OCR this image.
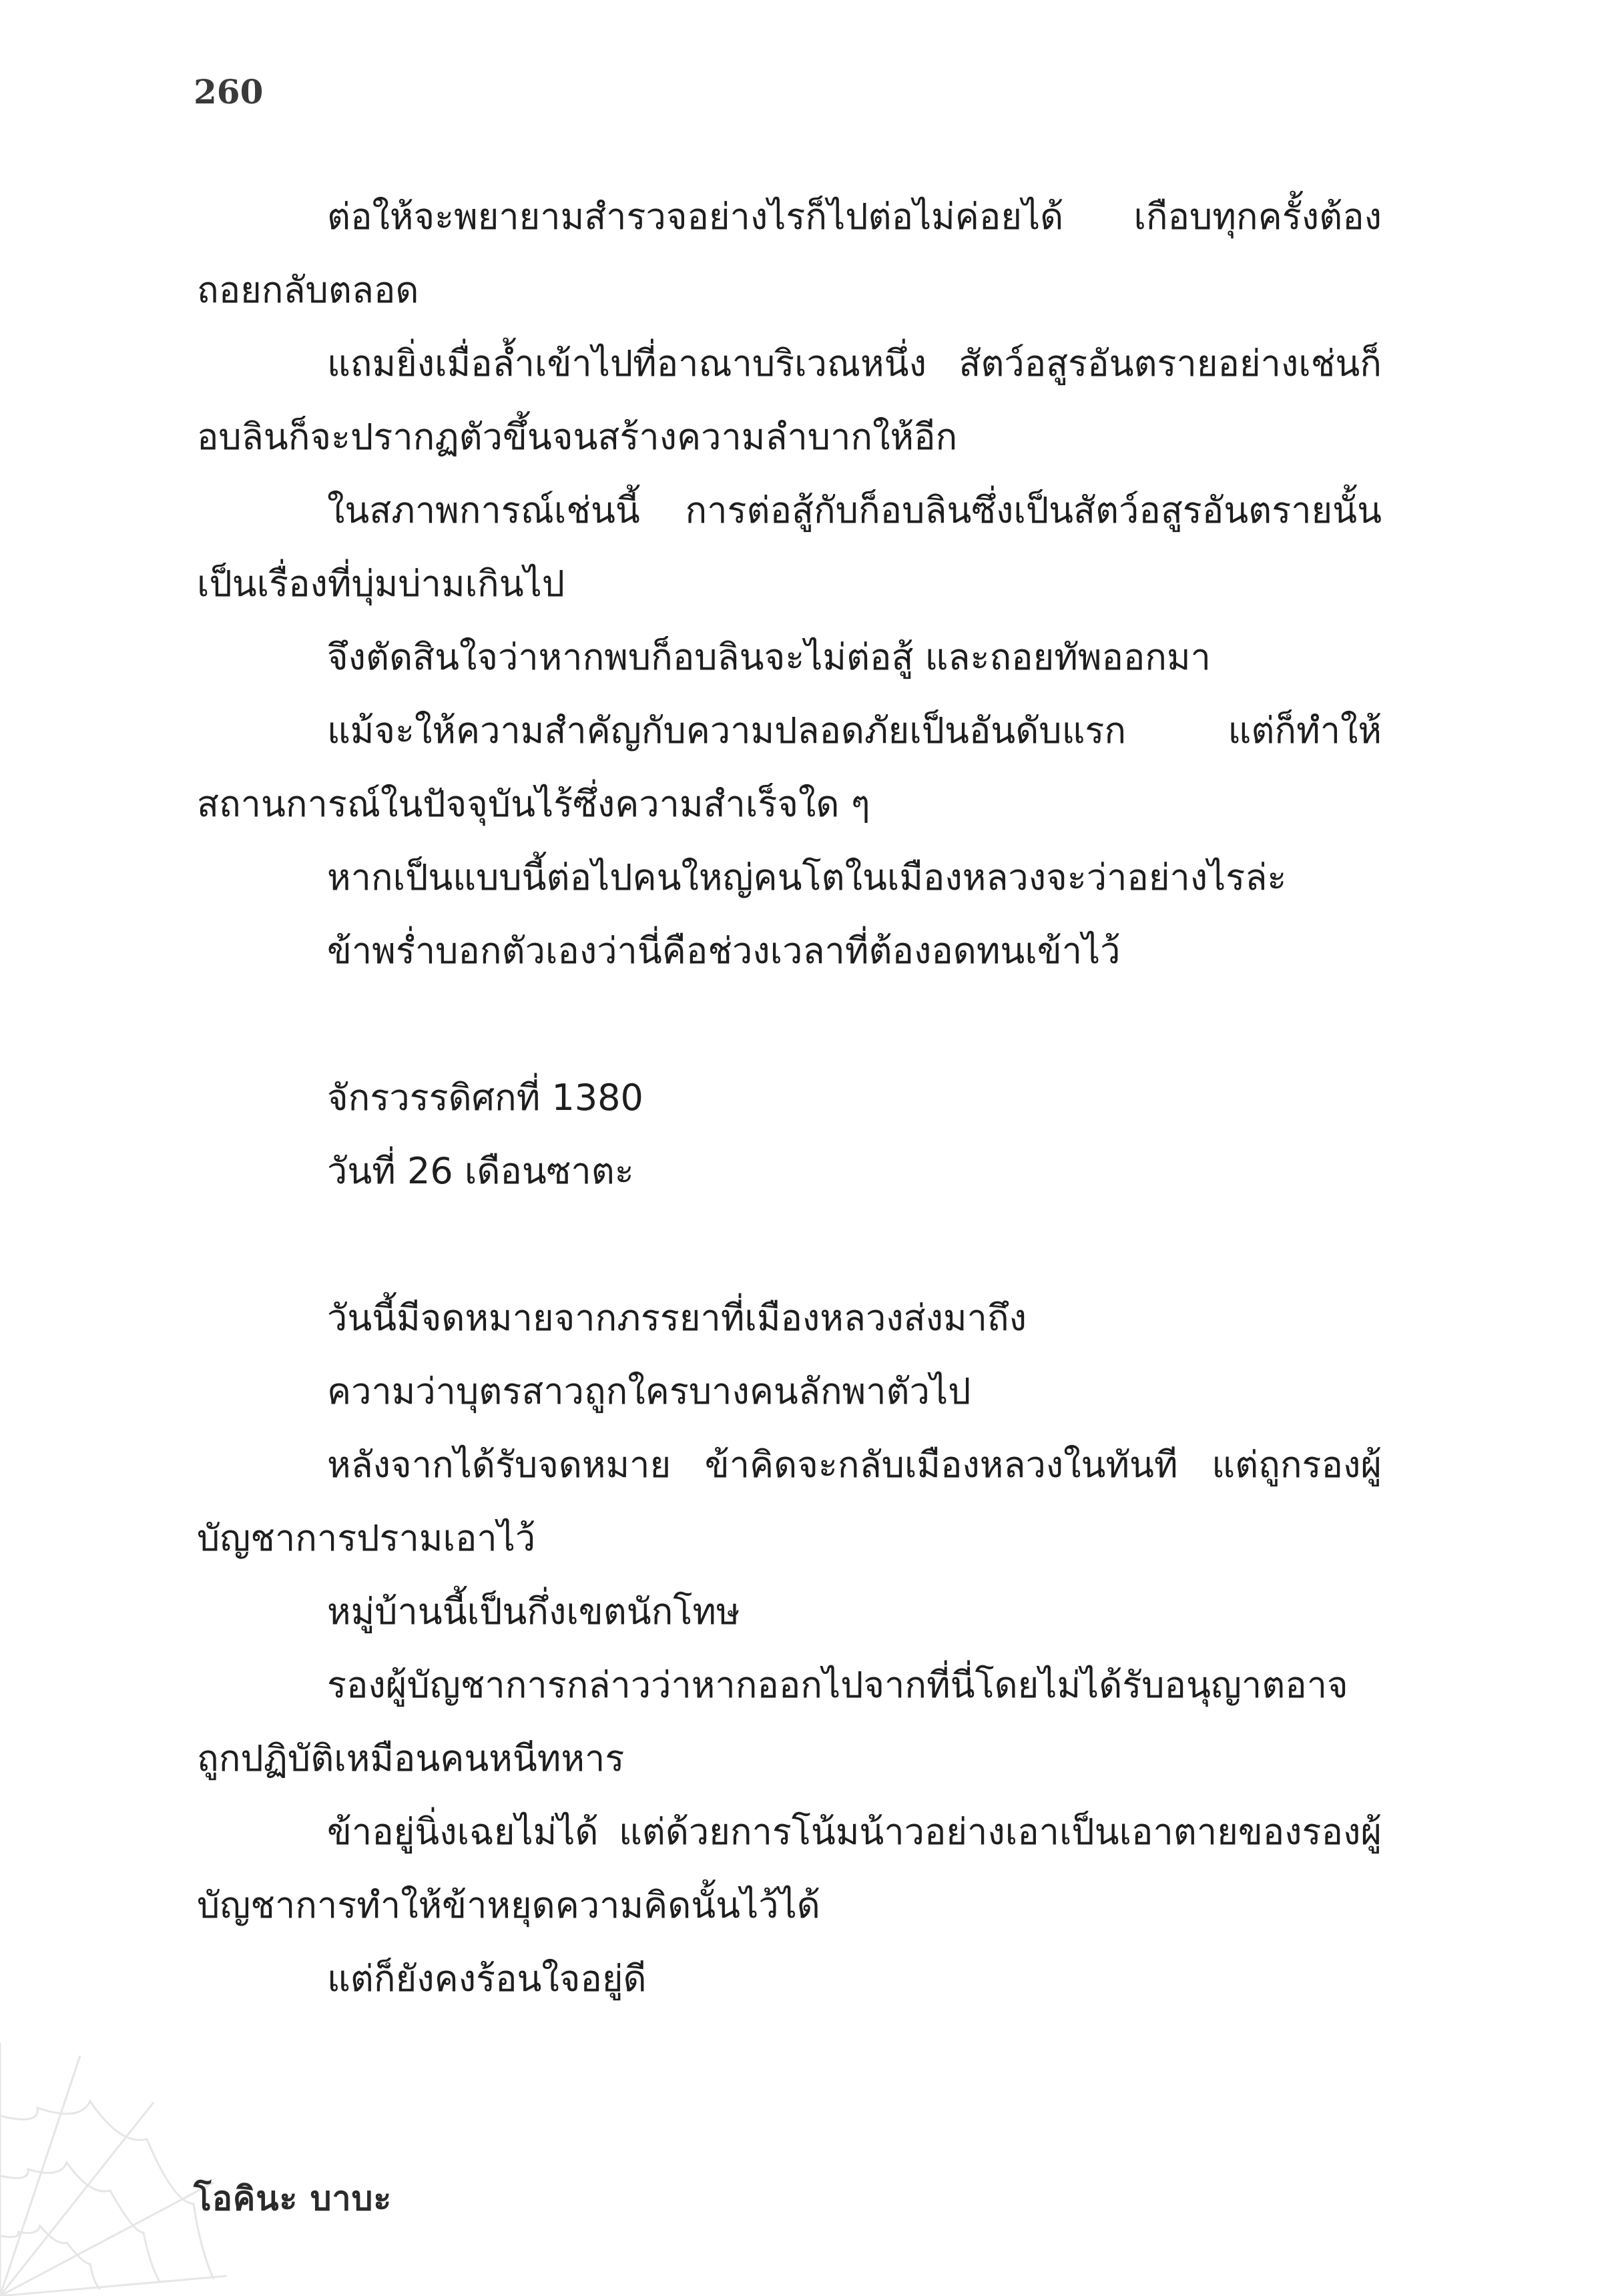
260

ต่อให้จะพยายามสำรวจอย่างไรก็ไปต่อไม่ค่อยได้ เกือบทุกครั้งต้องถอยกลับตลอด

แถมยิ่งเมื่อล้ำเข้าไปที่อาณาบริเวณหนึ่ง สัตว์อสูรอันตรายอย่างเช่นก็อบลินก็จะปรากฏตัวขึ้นจนสร้างความลำบากให้อีก

ในสภาพการณ์เช่นนี้ การต่อสู้กับก็อบลินซึ่งเป็นสัตว์อสูรอันตรายนั้นเป็นเรื่องที่บุ่มบ่ามเกินไป

จึงตัดสินใจว่าหากพบก็อบลินจะไม่ต่อสู้ และถอยทัพออกมา

แม้จะให้ความสำคัญกับความปลอดภัยเป็นอันดับแรก แต่ก็ทำให้สถานการณ์ในปัจจุบันไร้ซึ่งความสำเร็จใด ๆ

หากเป็นแบบนี้ต่อไปคนใหญ่คนโตในเมืองหลวงจะว่าอย่างไรล่ะ

ข้าพร่ำบอกตัวเองว่านี่คือช่วงเวลาที่ต้องอดทนเข้าไว้

จักรวรรดิศกที่ 1380

วันที่ 26 เดือนซาตะ

วันนี้มีจดหมายจากภรรยาที่เมืองหลวงส่งมาถึง

ความว่าบุตรสาวถูกใครบางคนลักพาตัวไป

หลังจากได้รับจดหมาย ข้าคิดจะกลับเมืองหลวงในทันที แต่ถูกรองผู้บัญชาการปรามเอาไว้

หมู่บ้านนี้เป็นกึ่งเขตนักโทษ

รองผู้บัญชาการกล่าวว่าหากออกไปจากที่นี่โดยไม่ได้รับอนุญาตอาจถูกปฏิบัติเหมือนคนหนีทหาร

ข้าอยู่นิ่งเฉยไม่ได้ แต่ด้วยการโน้มน้าวอย่างเอาเป็นเอาตายของรองผู้บัญชาการทำให้ข้าหยุดความคิดนั้นไว้ได้

แต่ก็ยังคงร้อนใจอยู่ดี

โอคินะ บาบะ
